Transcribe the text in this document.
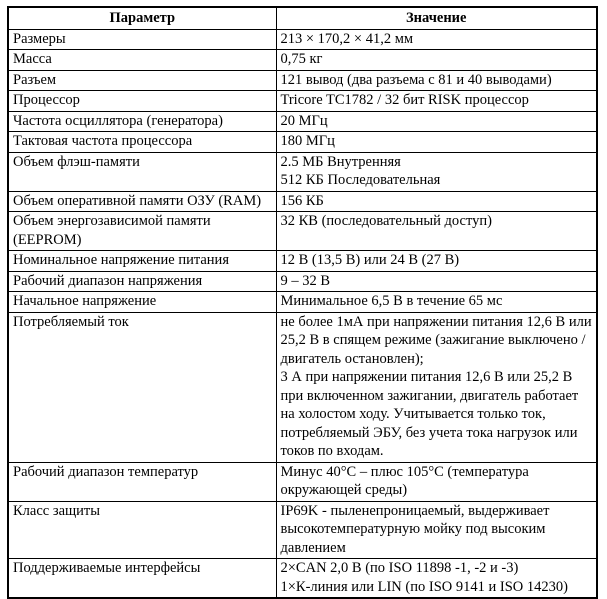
Параметр	Значение
Размеры	213 × 170,2 × 41,2 мм

Масса	0,75 кг

Разъем	121 вывод (два разъема с 81 и 40 выводами)

Процессор	Tricore TC1782 / 32 бит RISK процессор

Частота осциллятора (генератора)	20 МГц

Тактовая частота процессора	180 МГц

Объем флэш-памяти	2.5 МБ Внутренняя
512 КБ Последовательная

Объем оперативной памяти ОЗУ (RAM)	156 КБ

Объем энергозависимой памяти (EEPROM)	32 КВ (последовательный доступ)

Номинальное напряжение питания	12 В (13,5 В) или 24 В (27 В)

Рабочий диапазон напряжения	9 – 32 В

Начальное напряжение	Минимальное 6,5 В в течение 65 мс

Потребляемый ток	не более 1мА при напряжении питания 12,6 В или 25,2 В в спящем режиме (зажигание выключено / двигатель остановлен);
3 А при напряжении питания 12,6 В или 25,2 В при включенном зажигании, двигатель работает на холостом ходу. Учитывается только ток, потребляемый ЭБУ, без учета тока нагрузок или токов по входам.

Рабочий диапазон температур	Минус 40°С – плюс 105°С (температура окружающей среды)

Класс защиты	IP69K - пыленепроницаемый, выдерживает высокотемпературную мойку под высоким давлением

Поддерживаемые интерфейсы	2×CAN 2,0 В (по ISO 11898 -1, -2 и -3)
1×К-линия или LIN (по ISO 9141 и ISO 14230)
